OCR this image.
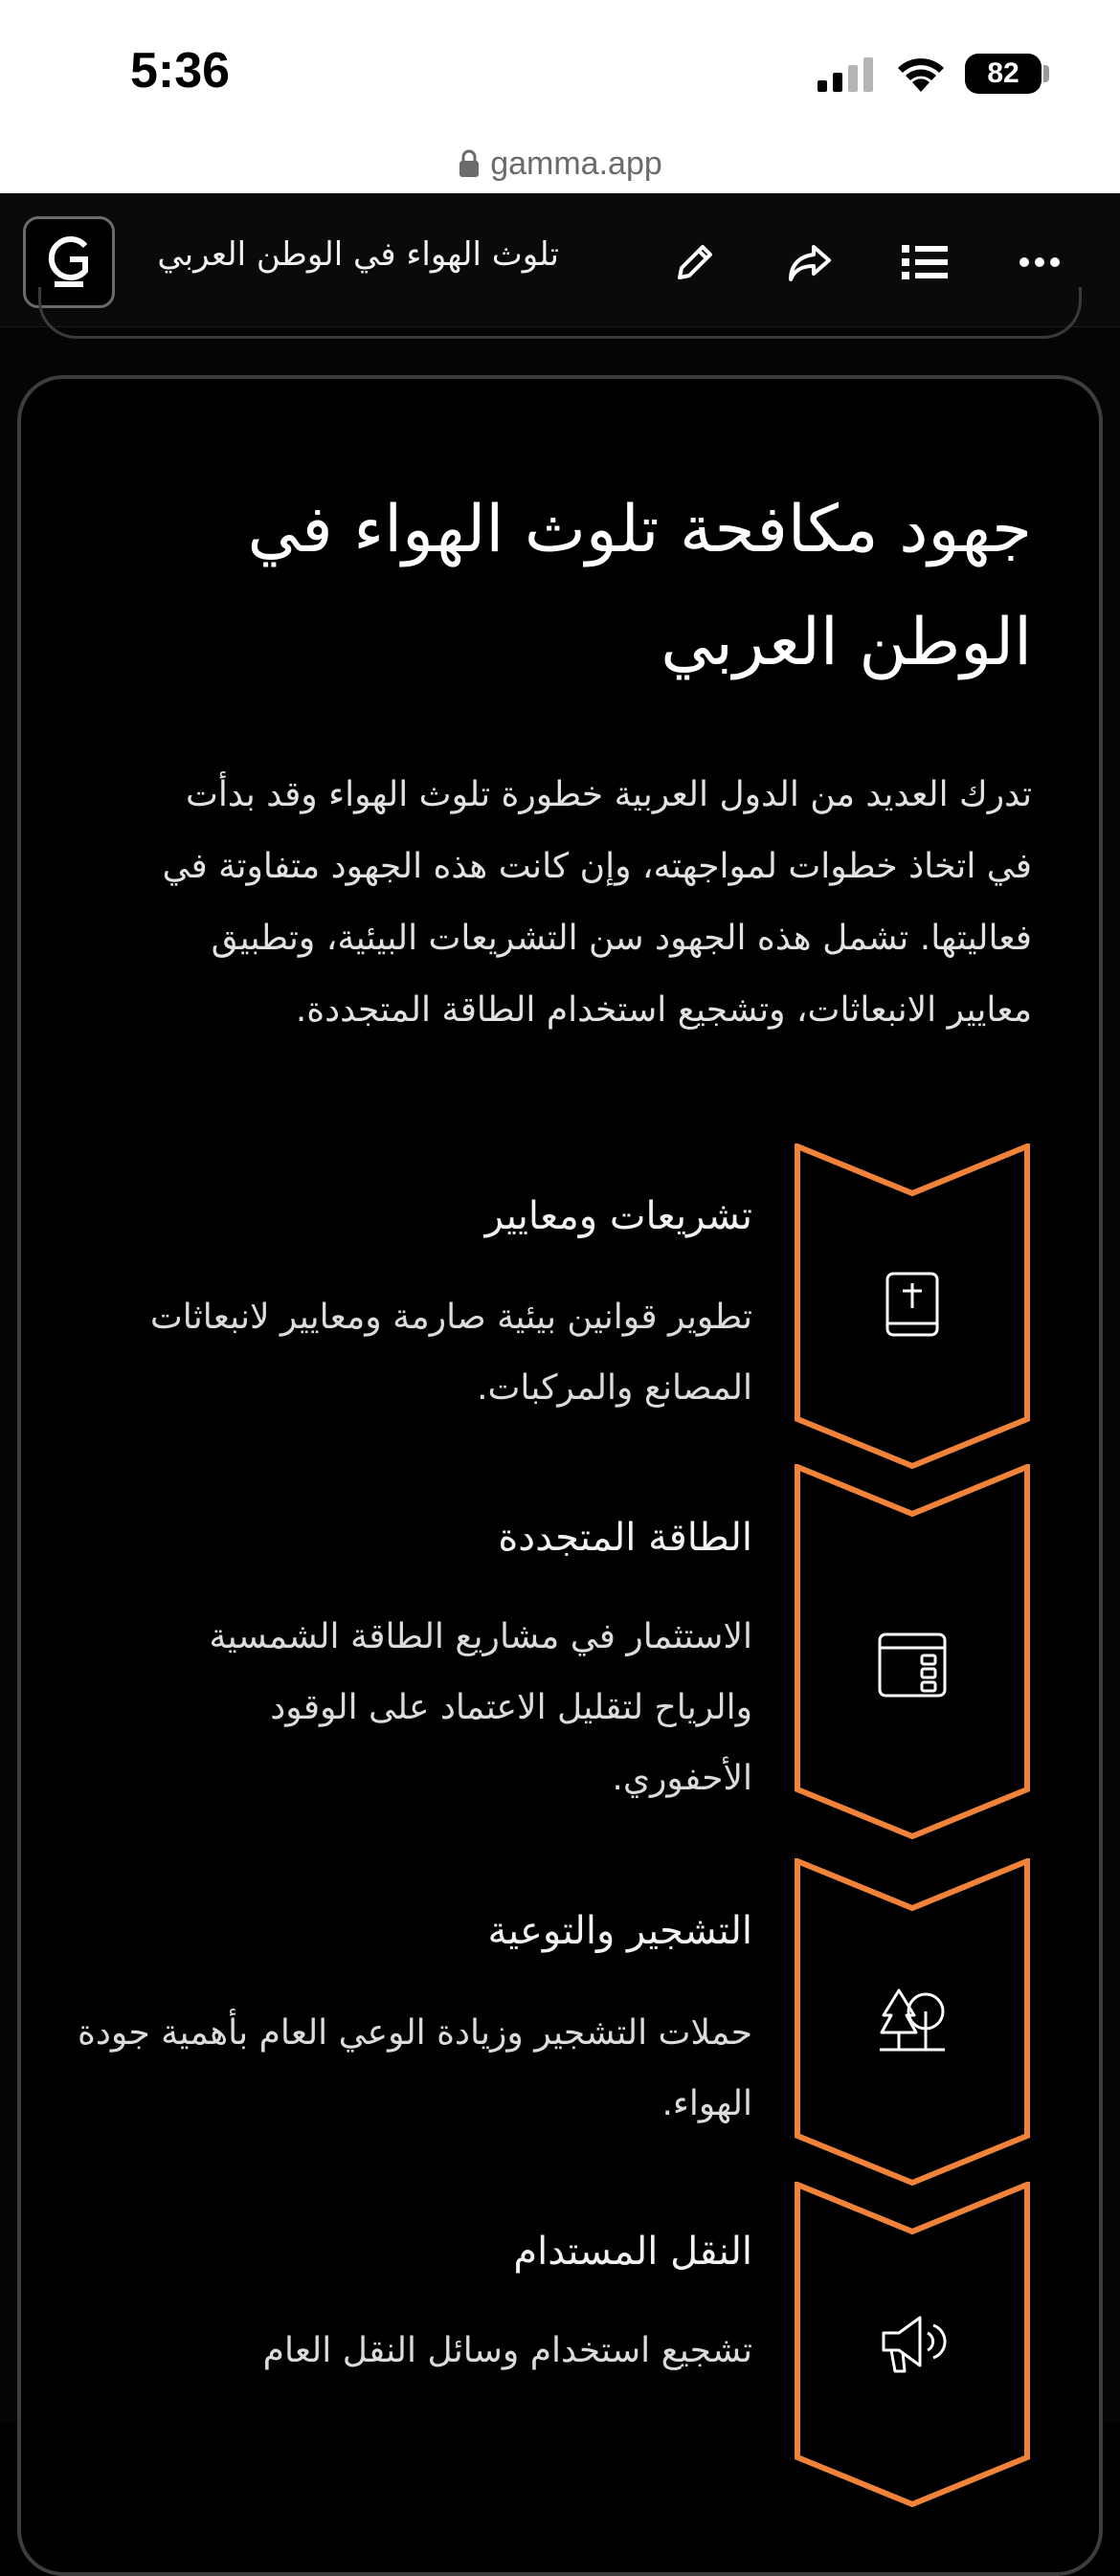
5:36	82
gamma.app
تلوث الهواء في الوطن العربي
جهود مكافحة تلوث الهواء في الوطن العربي
تدرك العديد من الدول العربية خطورة تلوث الهواء وقد بدأت في اتخاذ خطوات لمواجهته، وإن كانت هذه الجهود متفاوتة في فعاليتها. تشمل هذه الجهود سن التشريعات البيئية، وتطبيق معايير الانبعاثات، وتشجيع استخدام الطاقة المتجددة.
تشريعات ومعايير
تطوير قوانين بيئية صارمة ومعايير لانبعاثات المصانع والمركبات.
الطاقة المتجددة
الاستثمار في مشاريع الطاقة الشمسية والرياح لتقليل الاعتماد على الوقود الأحفوري.
التشجير والتوعية
حملات التشجير وزيادة الوعي العام بأهمية جودة الهواء.
النقل المستدام
تشجيع استخدام وسائل النقل العام
